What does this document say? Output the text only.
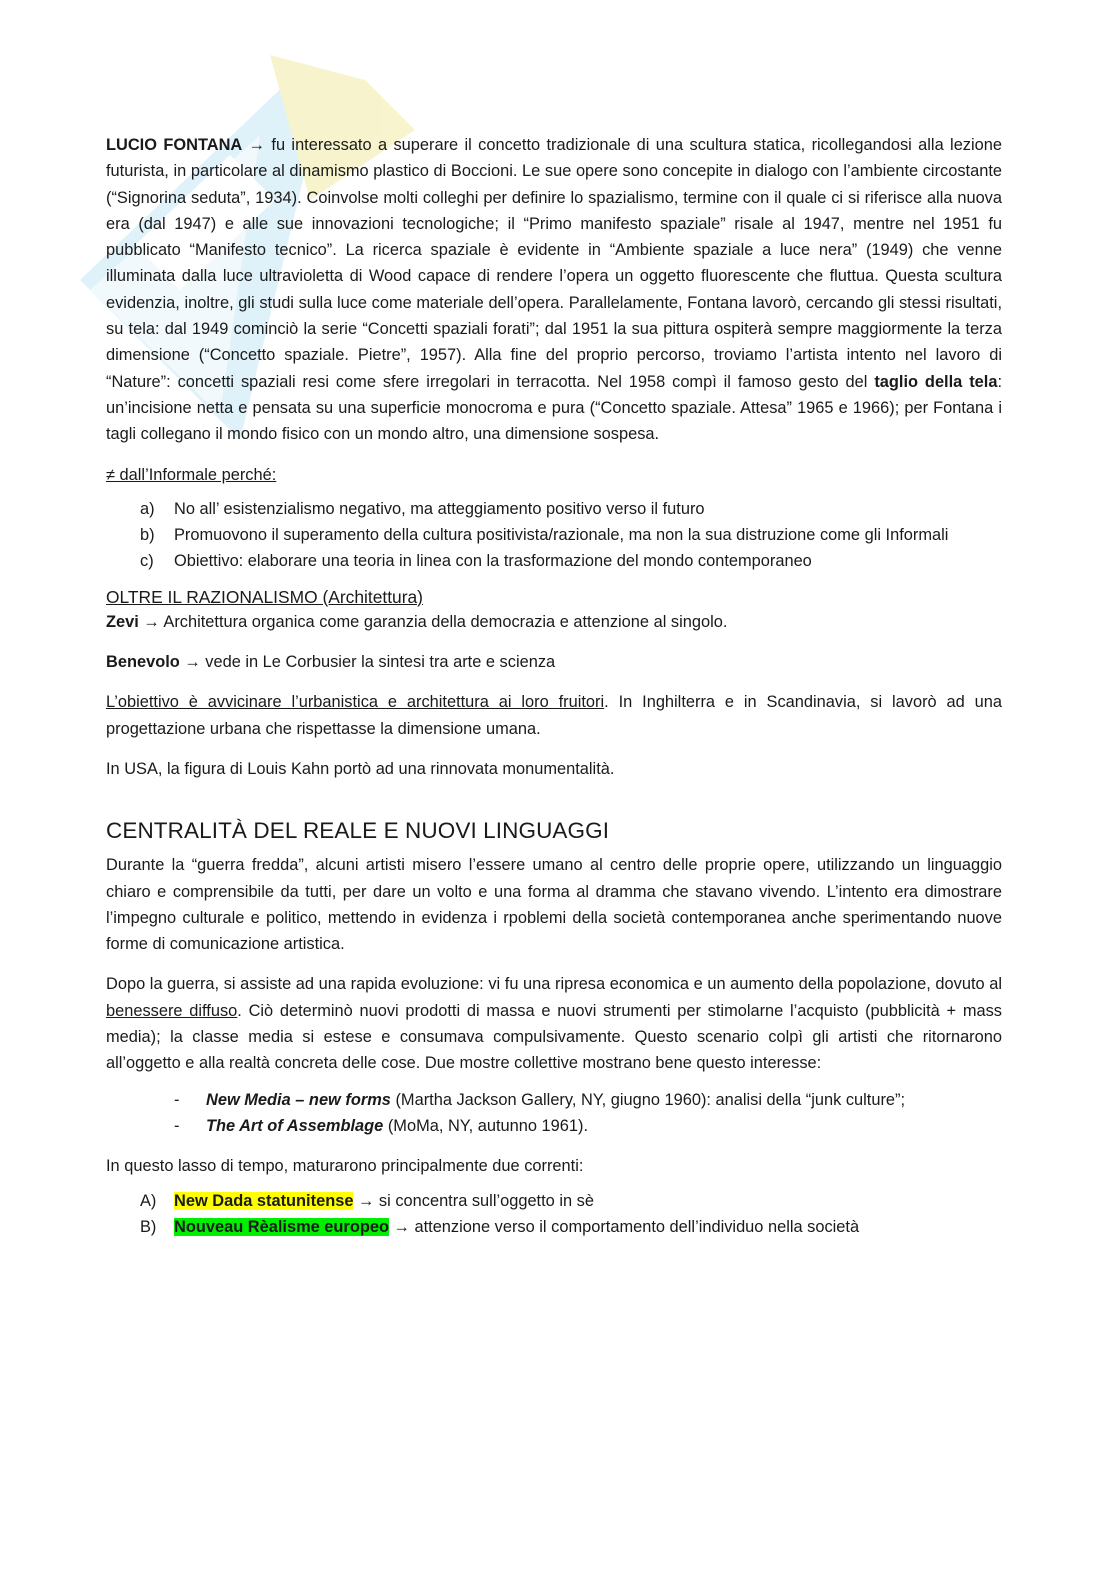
LUCIO FONTANA → fu interessato a superare il concetto tradizionale di una scultura statica, ricollegandosi alla lezione futurista, in particolare al dinamismo plastico di Boccioni. Le sue opere sono concepite in dialogo con l’ambiente circostante (“Signorina seduta”, 1934). Coinvolse molti colleghi per definire lo spazialismo, termine con il quale ci si riferisce alla nuova era (dal 1947) e alle sue innovazioni tecnologiche; il “Primo manifesto spaziale” risale al 1947, mentre nel 1951 fu pubblicato “Manifesto tecnico”. La ricerca spaziale è evidente in “Ambiente spaziale a luce nera” (1949) che venne illuminata dalla luce ultravioletta di Wood capace di rendere l’opera un oggetto fluorescente che fluttua. Questa scultura evidenzia, inoltre, gli studi sulla luce come materiale dell’opera. Parallelamente, Fontana lavorò, cercando gli stessi risultati, su tela: dal 1949 cominciò la serie “Concetti spaziali forati”; dal 1951 la sua pittura ospiterà sempre maggiormente la terza dimensione (“Concetto spaziale. Pietre”, 1957). Alla fine del proprio percorso, troviamo l’artista intento nel lavoro di “Nature”: concetti spaziali resi come sfere irregolari in terracotta. Nel 1958 compì il famoso gesto del taglio della tela: un’incisione netta e pensata su una superficie monocroma e pura (“Concetto spaziale. Attesa” 1965 e 1966); per Fontana i tagli collegano il mondo fisico con un mondo altro, una dimensione sospesa.

≠ dall’Informale perché:

a) No all’ esistenzialismo negativo, ma atteggiamento positivo verso il futuro
b) Promuovono il superamento della cultura positivista/razionale, ma non la sua distruzione come gli Informali
c) Obiettivo: elaborare una teoria in linea con la trasformazione del mondo contemporaneo
OLTRE IL RAZIONALISMO (Architettura)

Zevi → Architettura organica come garanzia della democrazia e attenzione al singolo.

Benevolo → vede in Le Corbusier la sintesi tra arte e scienza

L’obiettivo è avvicinare l’urbanistica e architettura ai loro fruitori. In Inghilterra e in Scandinavia, si lavorò ad una progettazione urbana che rispettasse la dimensione umana.

In USA, la figura di Louis Kahn portò ad una rinnovata monumentalità.

CENTRALITÀ DEL REALE E NUOVI LINGUAGGI

Durante la “guerra fredda”, alcuni artisti misero l’essere umano al centro delle proprie opere, utilizzando un linguaggio chiaro e comprensibile da tutti, per dare un volto e una forma al dramma che stavano vivendo. L’intento era dimostrare l’impegno culturale e politico, mettendo in evidenza i rpoblemi della società contemporanea anche sperimentando nuove forme di comunicazione artistica.

Dopo la guerra, si assiste ad una rapida evoluzione: vi fu una ripresa economica e un aumento della popolazione, dovuto al benessere diffuso. Ciò determinò nuovi prodotti di massa e nuovi strumenti per stimolarne l’acquisto (pubblicità + mass media); la classe media si estese e consumava compulsivamente. Questo scenario colpì gli artisti che ritornarono all’oggetto e alla realtà concreta delle cose. Due mostre collettive mostrano bene questo interesse:

- New Media – new forms (Martha Jackson Gallery, NY, giugno 1960): analisi della “junk culture”;
- The Art of Assemblage (MoMa, NY, autunno 1961).

In questo lasso di tempo, maturarono principalmente due correnti:

A) New Dada statunitense → si concentra sull’oggetto in sè
B) Nouveau Rèalisme europeo → attenzione verso il comportamento dell’individuo nella società
